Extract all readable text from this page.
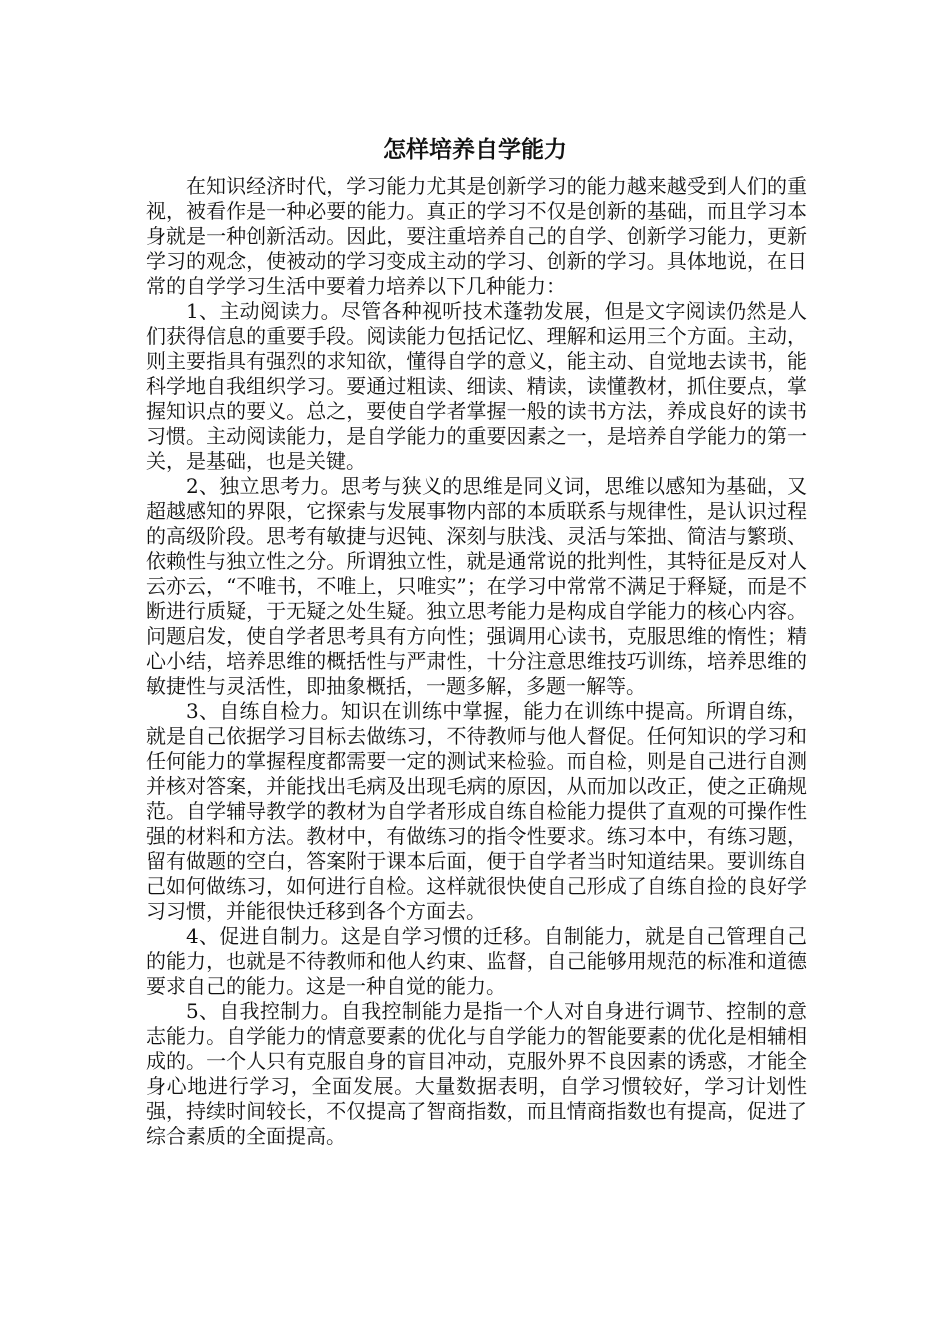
怎样培养自学能力

在知识经济时代，学习能力尤其是创新学习的能力越来越受到人们的重视，被看作是一种必要的能力。真正的学习不仅是创新的基础，而且学习本身就是一种创新活动。因此，要注重培养自己的自学、创新学习能力，更新学习的观念，使被动的学习变成主动的学习、创新的学习。具体地说，在日常的自学学习生活中要着力培养以下几种能力：

1、主动阅读力。尽管各种视听技术蓬勃发展，但是文字阅读仍然是人们获得信息的重要手段。阅读能力包括记忆、理解和运用三个方面。主动，则主要指具有强烈的求知欲，懂得自学的意义，能主动、自觉地去读书，能科学地自我组织学习。要通过粗读、细读、精读，读懂教材，抓住要点，掌握知识点的要义。总之，要使自学者掌握一般的读书方法，养成良好的读书习惯。主动阅读能力，是自学能力的重要因素之一，是培养自学能力的第一关，是基础，也是关键。

2、独立思考力。思考与狭义的思维是同义词，思维以感知为基础，又超越感知的界限，它探索与发展事物内部的本质联系与规律性，是认识过程的高级阶段。思考有敏捷与迟钝、深刻与肤浅、灵活与笨拙、简洁与繁琐、依赖性与独立性之分。所谓独立性，就是通常说的批判性，其特征是反对人云亦云，“不唯书，不唯上，只唯实”；在学习中常常不满足于释疑，而是不断进行质疑，于无疑之处生疑。独立思考能力是构成自学能力的核心内容。问题启发，使自学者思考具有方向性；强调用心读书，克服思维的惰性；精心小结，培养思维的概括性与严肃性，十分注意思维技巧训练，培养思维的敏捷性与灵活性，即抽象概括，一题多解，多题一解等。

3、自练自检力。知识在训练中掌握，能力在训练中提高。所谓自练，就是自己依据学习目标去做练习，不待教师与他人督促。任何知识的学习和任何能力的掌握程度都需要一定的测试来检验。而自检，则是自己进行自测并核对答案，并能找出毛病及出现毛病的原因，从而加以改正，使之正确规范。自学辅导教学的教材为自学者形成自练自检能力提供了直观的可操作性强的材料和方法。教材中，有做练习的指令性要求。练习本中，有练习题，留有做题的空白，答案附于课本后面，便于自学者当时知道结果。要训练自己如何做练习，如何进行自检。这样就很快使自己形成了自练自捡的良好学习习惯，并能很快迁移到各个方面去。

4、促进自制力。这是自学习惯的迁移。自制能力，就是自己管理自己的能力，也就是不待教师和他人约束、监督，自己能够用规范的标准和道德要求自己的能力。这是一种自觉的能力。

5、自我控制力。自我控制能力是指一个人对自身进行调节、控制的意志能力。自学能力的情意要素的优化与自学能力的智能要素的优化是相辅相成的。一个人只有克服自身的盲目冲动，克服外界不良因素的诱惑，才能全身心地进行学习，全面发展。大量数据表明，自学习惯较好，学习计划性强，持续时间较长，不仅提高了智商指数，而且情商指数也有提高，促进了综合素质的全面提高。
